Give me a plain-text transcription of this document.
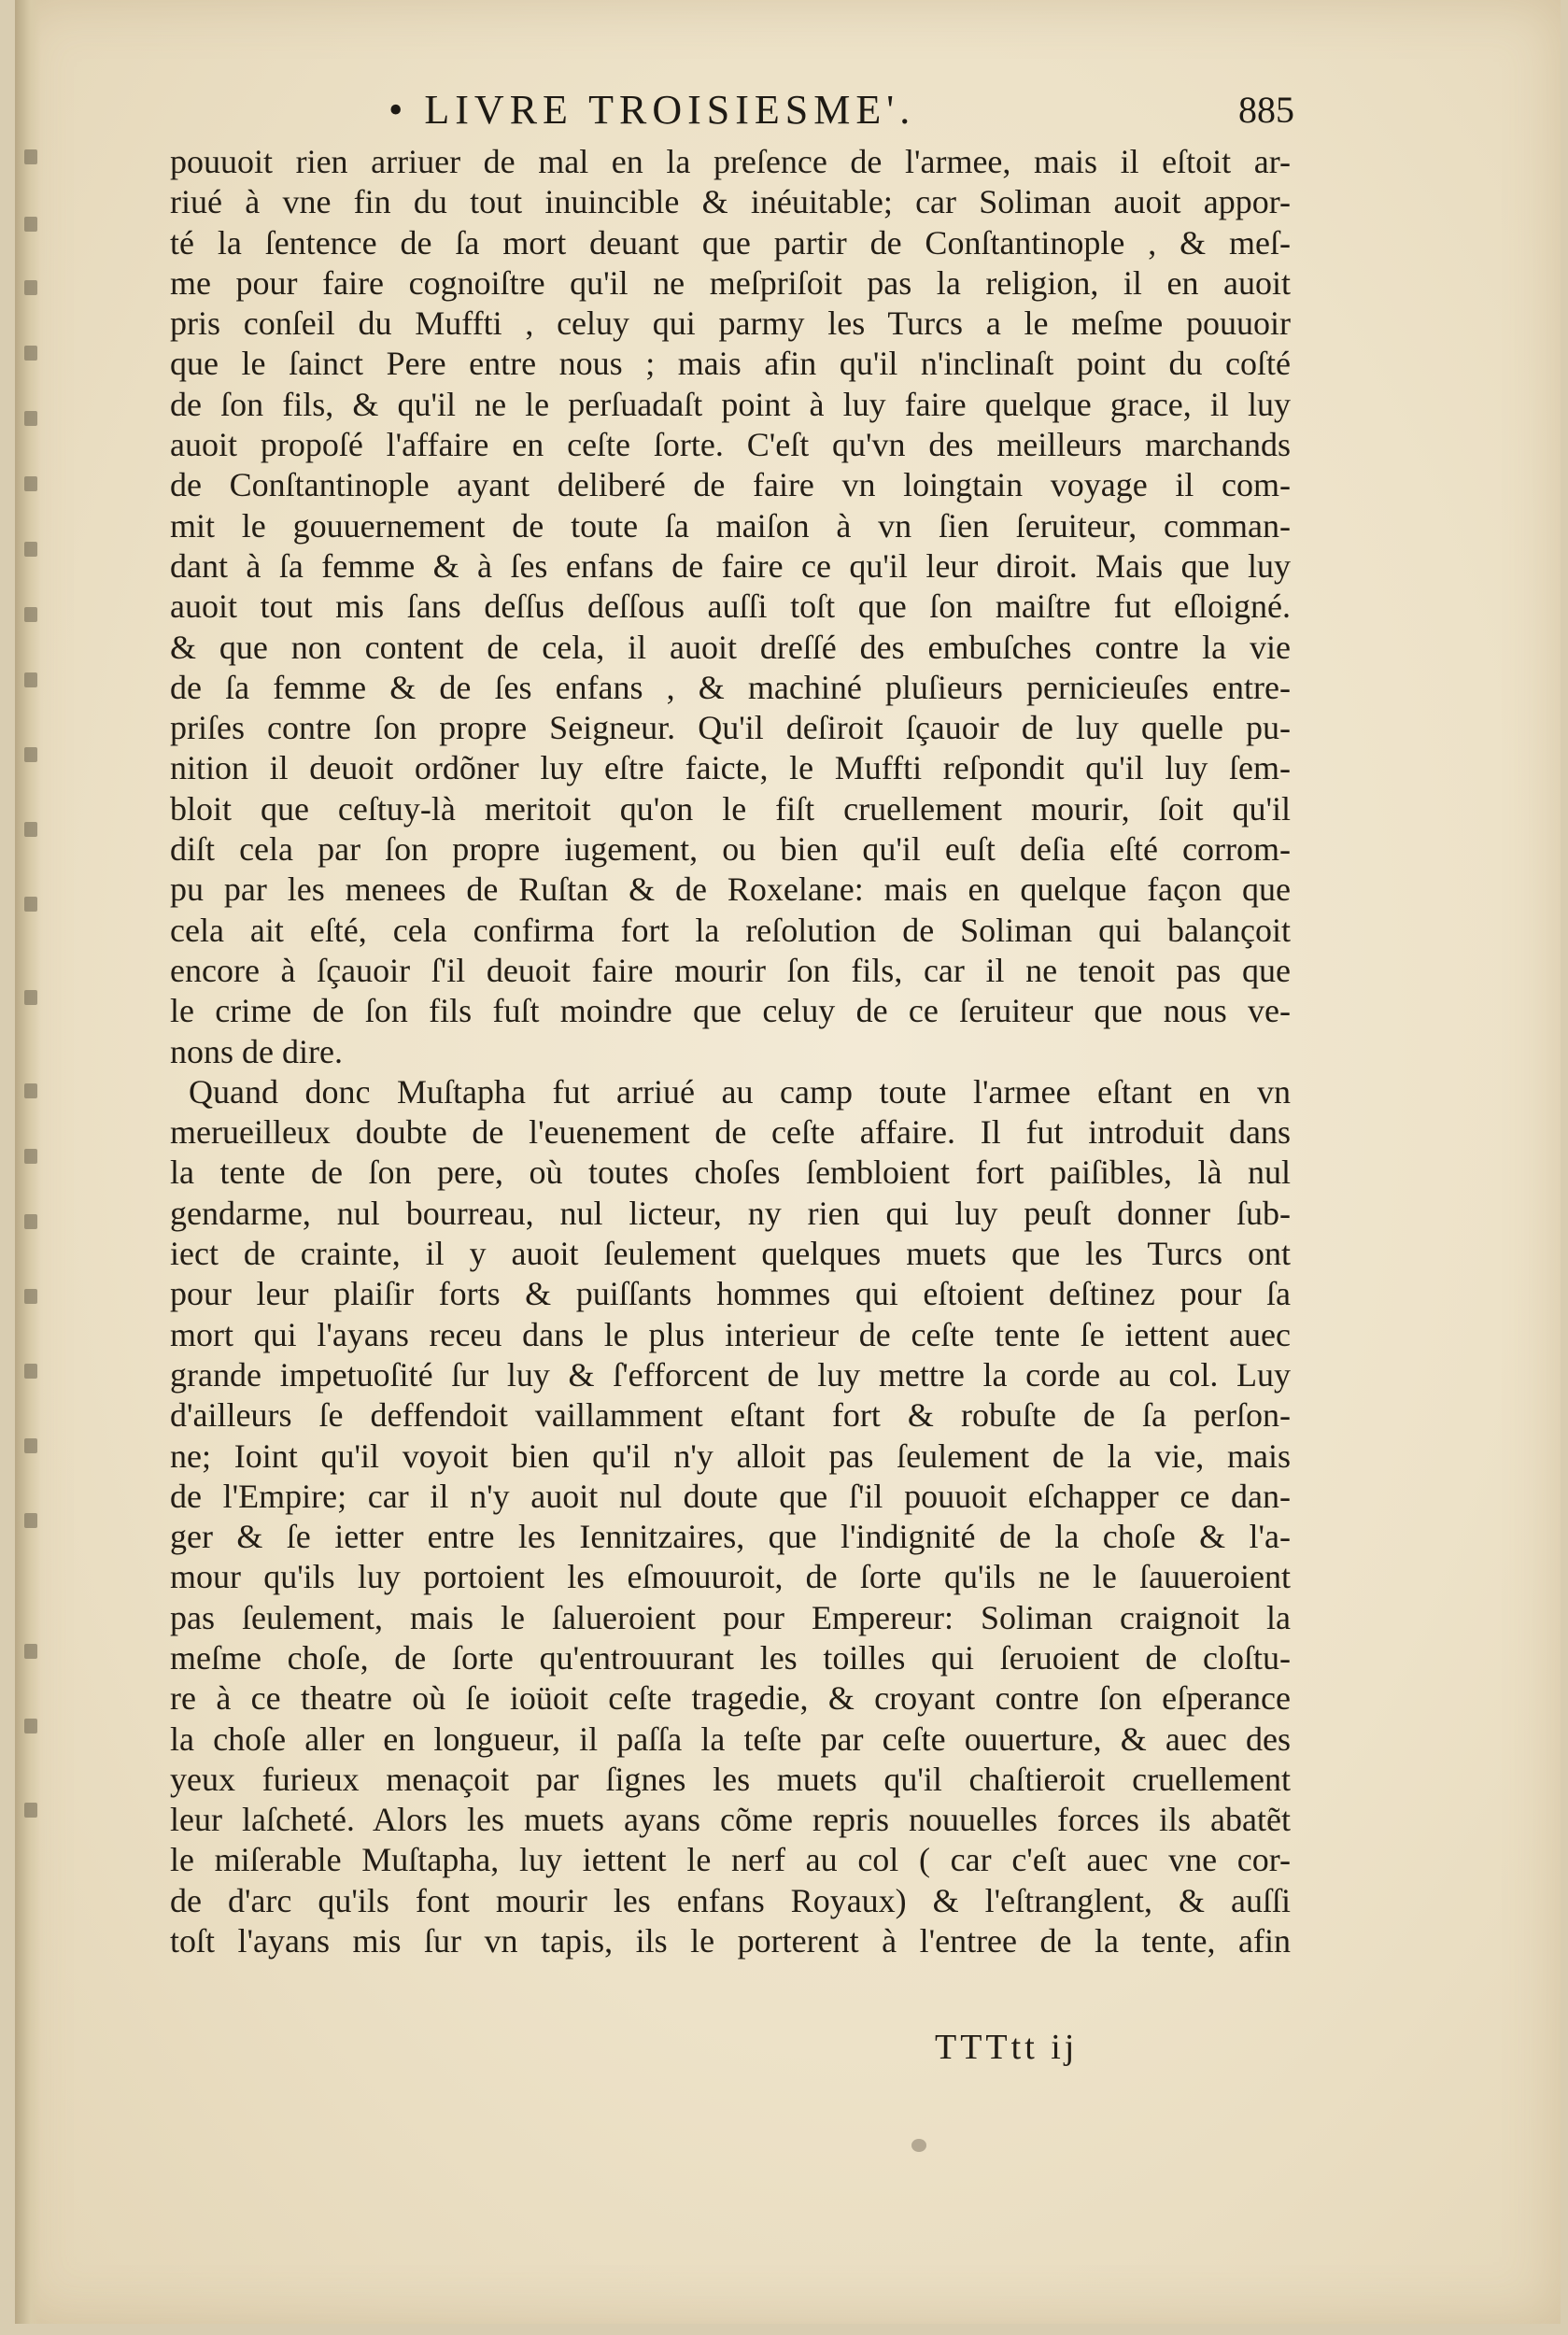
• LIVRE TROISIESME'.	885
pouuoit rien arriuer de mal en la preſence de l'armee, mais il eſtoit ar-
riué à vne fin du tout inuincible & inéuitable; car Soliman auoit appor-
té la ſentence de ſa mort deuant que partir de Conſtantinople , & meſ-
me pour faire cognoiſtre qu'il ne meſpriſoit pas la religion, il en auoit
pris conſeil du Muffti , celuy qui parmy les Turcs a le meſme pouuoir
que le ſainct Pere entre nous ; mais afin qu'il n'inclinaſt point du coſté
de ſon fils, & qu'il ne le perſuadaſt point à luy faire quelque grace, il luy
auoit propoſé l'affaire en ceſte ſorte. C'eſt qu'vn des meilleurs marchands
de Conſtantinople ayant deliberé de faire vn loingtain voyage il com-
mit le gouuernement de toute ſa maiſon à vn ſien ſeruiteur, comman-
dant à ſa femme & à ſes enfans de faire ce qu'il leur diroit. Mais que luy
auoit tout mis ſans deſſus deſſous auſſi toſt que ſon maiſtre fut eſloigné.
& que non content de cela, il auoit dreſſé des embuſches contre la vie
de ſa femme & de ſes enfans , & machiné pluſieurs pernicieuſes entre-
priſes contre ſon propre Seigneur. Qu'il deſiroit ſçauoir de luy quelle pu-
nition il deuoit ordõner luy eſtre faicte, le Muffti reſpondit qu'il luy ſem-
bloit que ceſtuy-là meritoit qu'on le fiſt cruellement mourir, ſoit qu'il
diſt cela par ſon propre iugement, ou bien qu'il euſt deſia eſté corrom-
pu par les menees de Ruſtan & de Roxelane: mais en quelque façon que
cela ait eſté, cela confirma fort la reſolution de Soliman qui balançoit
encore à ſçauoir ſ'il deuoit faire mourir ſon fils, car il ne tenoit pas que
le crime de ſon fils fuſt moindre que celuy de ce ſeruiteur que nous ve-
nons de dire.
Quand donc Muſtapha fut arriué au camp toute l'armee eſtant en vn
merueilleux doubte de l'euenement de ceſte affaire. Il fut introduit dans
la tente de ſon pere, où toutes choſes ſembloient fort paiſibles, là nul
gendarme, nul bourreau, nul licteur, ny rien qui luy peuſt donner ſub-
iect de crainte, il y auoit ſeulement quelques muets que les Turcs ont
pour leur plaiſir forts & puiſſants hommes qui eſtoient deſtinez pour ſa
mort qui l'ayans receu dans le plus interieur de ceſte tente ſe iettent auec
grande impetuoſité ſur luy & ſ'efforcent de luy mettre la corde au col. Luy
d'ailleurs ſe deffendoit vaillamment eſtant fort & robuſte de ſa perſon-
ne; Ioint qu'il voyoit bien qu'il n'y alloit pas ſeulement de la vie, mais
de l'Empire; car il n'y auoit nul doute que ſ'il pouuoit eſchapper ce dan-
ger & ſe ietter entre les Iennitzaires, que l'indignité de la choſe & l'a-
mour qu'ils luy portoient les eſmouuroit, de ſorte qu'ils ne le ſauueroient
pas ſeulement, mais le ſalueroient pour Empereur: Soliman craignoit la
meſme choſe, de ſorte qu'entrouurant les toilles qui ſeruoient de cloſtu-
re à ce theatre où ſe ioüoit ceſte tragedie, & croyant contre ſon eſperance
la choſe aller en longueur, il paſſa la teſte par ceſte ouuerture, & auec des
yeux furieux menaçoit par ſignes les muets qu'il chaſtieroit cruellement
leur laſcheté. Alors les muets ayans cõme repris nouuelles forces ils abatẽt
le miſerable Muſtapha, luy iettent le nerf au col ( car c'eſt auec vne cor-
de d'arc qu'ils font mourir les enfans Royaux) & l'eſtranglent, & auſſi
toſt l'ayans mis ſur vn tapis, ils le porterent à l'entree de la tente, afin
TTTtt ij
